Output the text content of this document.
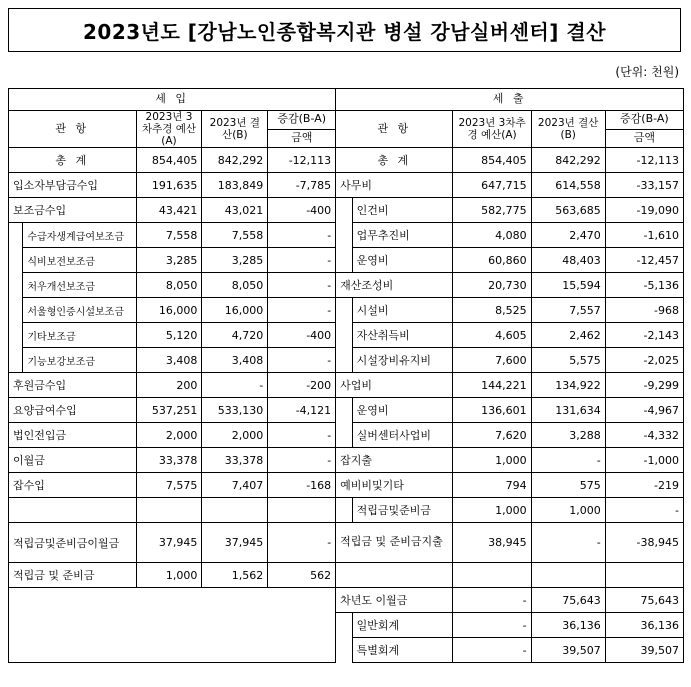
2023년도 [강남노인종합복지관 병설 강남실버센터] 결산
(단위: 천원)
세 입					세 출				
관 항		2023년 3차추경 예산(A)	2023년 결산(B)	증감(B-A)	관 항		2023년 3차추경 예산(A)	2023년 결산(B)	증감(B-A)
				금액					금액
총 계		854,405	842,292	-12,113	총 계		854,405	842,292	-12,113
입소자부담금수입		191,635	183,849	-7,785	사무비		647,715	614,558	-33,157
보조금수입		43,421	43,021	-400		인건비	582,775	563,685	-19,090
	수급자생계급여보조금	7,558	7,558	-		업무추진비	4,080	2,470	-1,610
	식비보전보조금	3,285	3,285	-		운영비	60,860	48,403	-12,457
	처우개선보조금	8,050	8,050	-	재산조성비		20,730	15,594	-5,136
	서울형인증시설보조금	16,000	16,000	-		시설비	8,525	7,557	-968
	기타보조금	5,120	4,720	-400		자산취득비	4,605	2,462	-2,143
	기능보강보조금	3,408	3,408	-		시설장비유지비	7,600	5,575	-2,025
후원금수입		200	-	-200	사업비		144,221	134,922	-9,299
요양급여수입		537,251	533,130	-4,121		운영비	136,601	131,634	-4,967
법인전입금		2,000	2,000	-		실버센터사업비	7,620	3,288	-4,332
이월금		33,378	33,378	-	잡지출		1,000	-	-1,000
잡수입		7,575	7,407	-168	예비비및기타		794	575	-219
						적립금및준비금	1,000	1,000	-
적립금및준비금이월금		37,945	37,945	-	적립금 및 준비금지출		38,945	-	-38,945
적립금 및 준비금		1,000	1,562	562					
					차년도 이월금		-	75,643	75,643
						일반회계	-	36,136	36,136
						특별회계	-	39,507	39,507
